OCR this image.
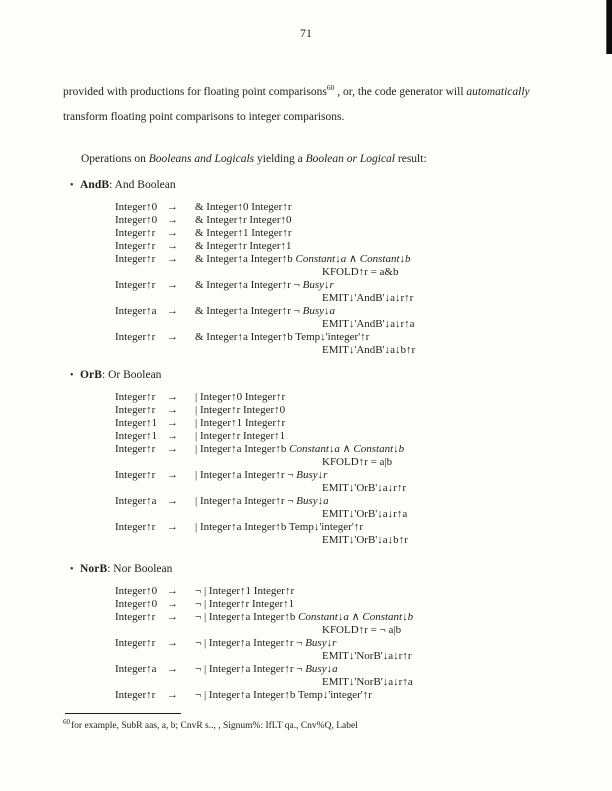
71

provided with productions for floating point comparisons$^{60}$ , or, the code generator will automatically
transform floating point comparisons to integer comparisons.

Operations on Booleans and Logicals yielding a Boolean or Logical result:

• AndB: And Boolean
Integer↑0 →	& Integer↑0 Integer↑r
Integer↑0 →	& Integer↑r Integer↑0
Integer↑r	→	& Integer↑1 Integer↑r
Integer↑r	→	& Integer↑r Integer↑1
Integer↑r	→	& Integer↑a Integer↑b Constant↓a ∧ Constant↓b
KFOLD↑r = a&b
Integer↑r	→	& Integer↑a Integer↑r ¬ Busy↓r
EMIT↓'AndB'↓a↓r↑r
Integer↑a →	& Integer↑a Integer↑r ¬ Busy↓a
EMIT↓'AndB'↓a↓r↑a
Integer↑r	→	& Integer↑a Integer↑b Temp↓'integer'↑r
EMIT↓'AndB'↓a↓b↑r
• OrB: Or Boolean
Integer↑r	→	| Integer↑0 Integer↑r
Integer↑r	→	| Integer↑r Integer↑0
Integer↑1 →	| Integer↑1 Integer↑r
Integer↑1 →	| Integer↑r Integer↑1
Integer↑r	→	| Integer↑a Integer↑b Constant↓a ∧ Constant↓b
KFOLD↑r = a|b
Integer↑r	→	| Integer↑a Integer↑r ¬ Busy↓r
EMIT↓'OrB'↓a↓r↑r
Integer↑a →	| Integer↑a Integer↑r ¬ Busy↓a
EMIT↓'OrB'↓a↓r↑a
Integer↑r	→	| Integer↑a Integer↑b Temp↓'integer'↑r
EMIT↓'OrB'↓a↓b↑r
• NorB: Nor Boolean
Integer↑0 →	¬ | Integer↑1 Integer↑r
Integer↑0 →	¬ | Integer↑r Integer↑1
Integer↑r	→	¬ | Integer↑a Integer↑b Constant↓a ∧ Constant↓b
KFOLD↑r = ¬ a|b
Integer↑r	→	¬ | Integer↑a Integer↑r ¬ Busy↓r
EMIT↓'NorB'↓a↓r↑r
Integer↑a →	¬ | Integer↑a Integer↑r ¬ Busy↓a
EMIT↓'NorB'↓a↓r↑a
Integer↑r	→	¬ | Integer↑a Integer↑b Temp↓'integer'↑r

$^{60}$for example, SubR aas, a, b; CnvR s.., , Signum%: IfLT qa., Cnv%Q, Label
